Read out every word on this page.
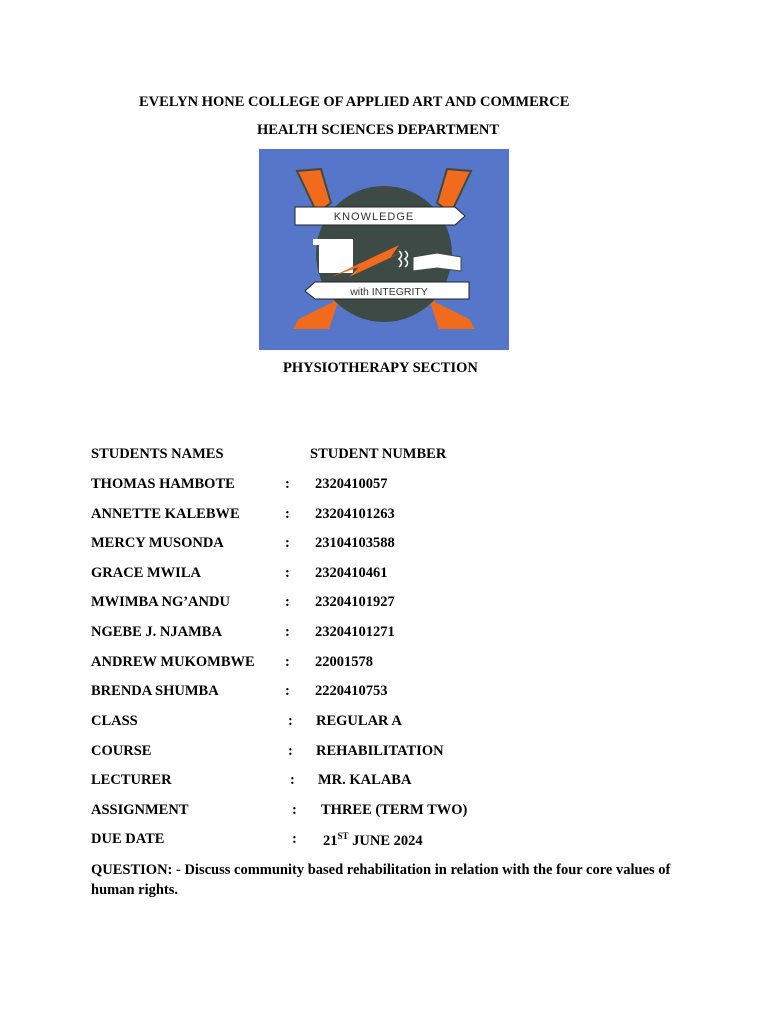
EVELYN HONE COLLEGE OF APPLIED ART AND COMMERCE
HEALTH SCIENCES DEPARTMENT
KNOWLEDGE
with INTEGRITY
PHYSIOTHERAPY SECTION
STUDENTS NAMES	STUDENT NUMBER
THOMAS HAMBOTE	: 2320410057
ANNETTE KALEBWE	: 23204101263
MERCY MUSONDA	: 23104103588
GRACE MWILA	: 2320410461
MWIMBA NG’ANDU	: 23204101927
NGEBE J. NJAMBA	: 23204101271
ANDREW MUKOMBWE : 22001578
BRENDA SHUMBA	: 2220410753
CLASS	: REGULAR A
COURSE	: REHABILITATION
LECTURER	: MR. KALABA
ASSIGNMENT	: THREE (TERM TWO)
DUE DATE	: 21ST JUNE 2024
QUESTION: - Discuss community based rehabilitation in relation with the four core values of human rights.
